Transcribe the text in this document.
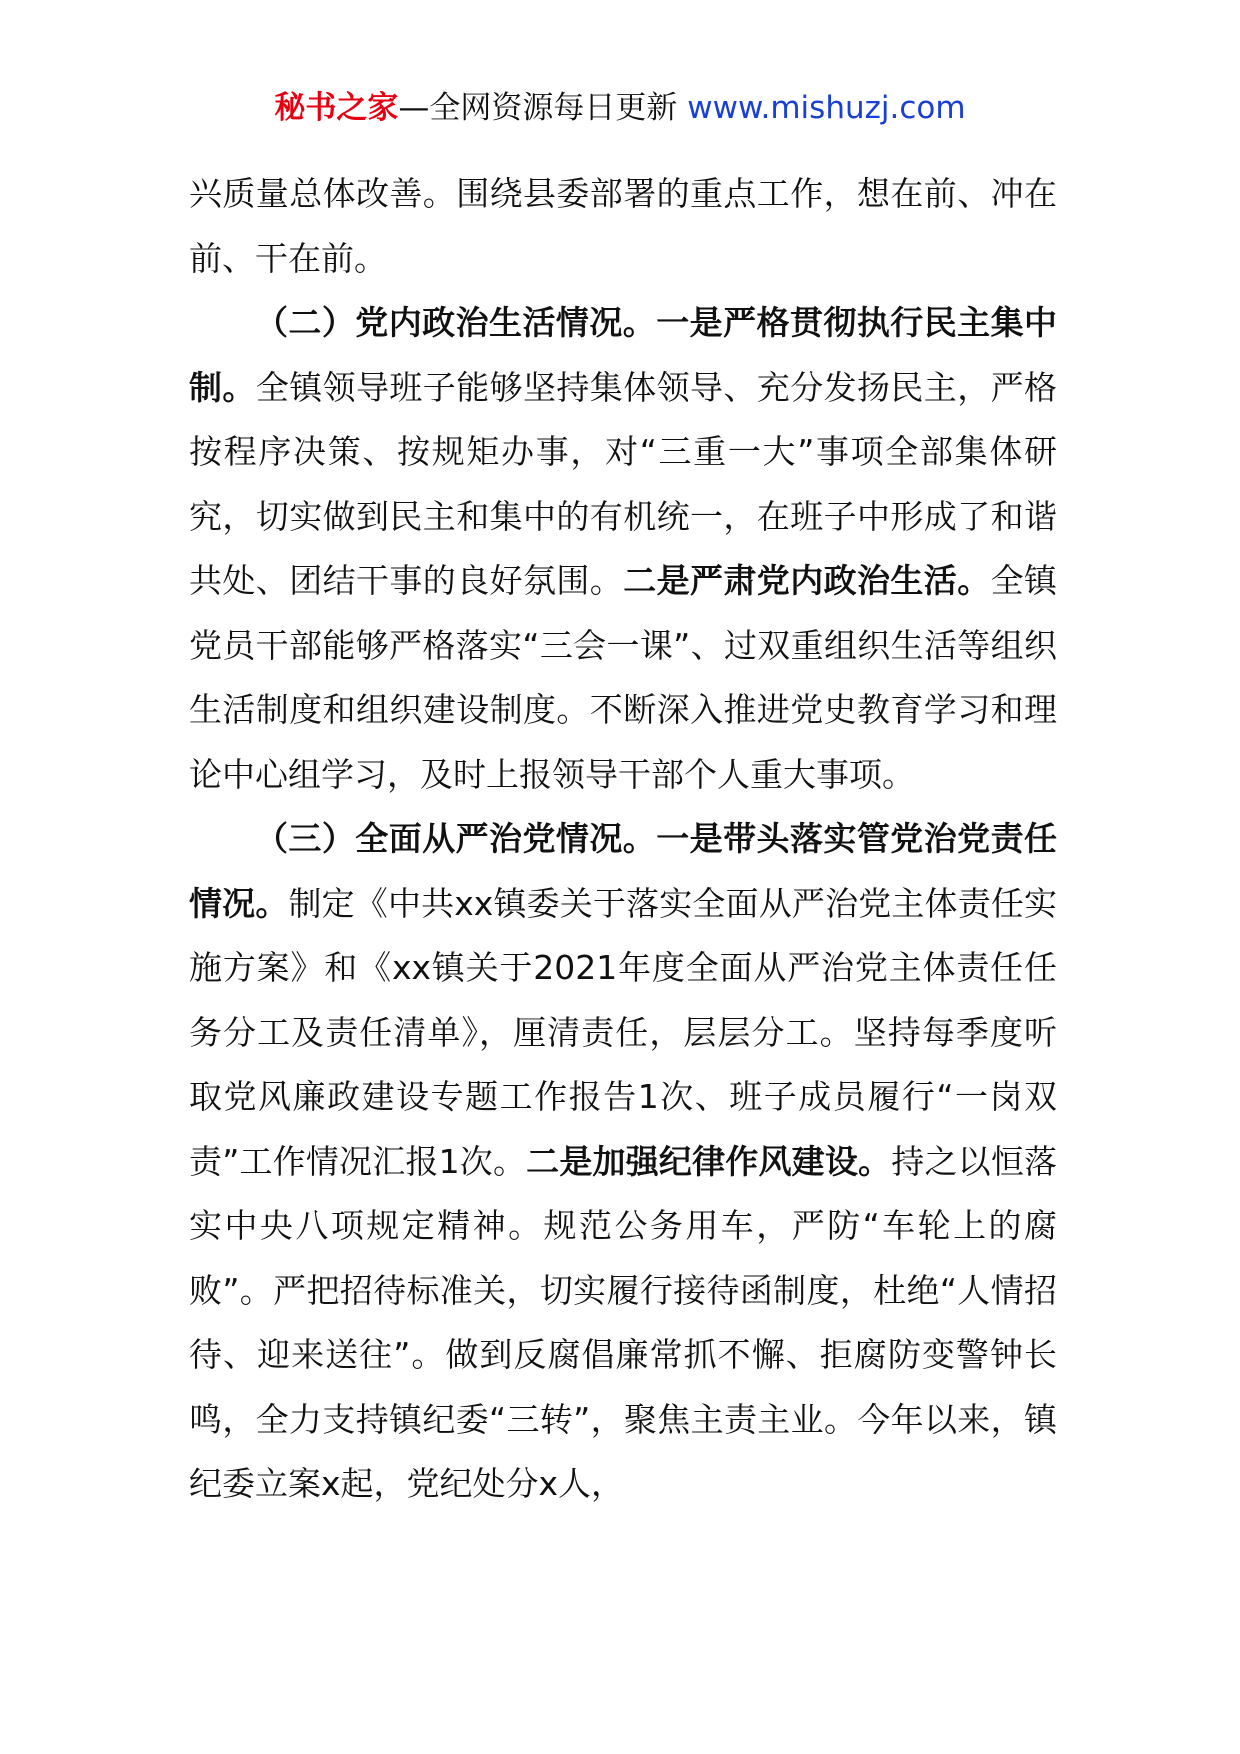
秘书之家—全网资源每日更新 www.mishuzj.com

兴质量总体改善。围绕县委部署的重点工作，想在前、冲在前、干在前。

（二）党内政治生活情况。一是严格贯彻执行民主集中制。全镇领导班子能够坚持集体领导、充分发扬民主，严格按程序决策、按规矩办事，对“三重一大”事项全部集体研究，切实做到民主和集中的有机统一，在班子中形成了和谐共处、团结干事的良好氛围。二是严肃党内政治生活。全镇党员干部能够严格落实“三会一课”、过双重组织生活等组织生活制度和组织建设制度。不断深入推进党史教育学习和理论中心组学习，及时上报领导干部个人重大事项。

（三）全面从严治党情况。一是带头落实管党治党责任情况。制定《中共xx镇委关于落实全面从严治党主体责任实施方案》和《xx镇关于2021年度全面从严治党主体责任任务分工及责任清单》，厘清责任，层层分工。坚持每季度听取党风廉政建设专题工作报告1次、班子成员履行“一岗双责”工作情况汇报1次。二是加强纪律作风建设。持之以恒落实中央八项规定精神。规范公务用车，严防“车轮上的腐败”。严把招待标准关，切实履行接待函制度，杜绝“人情招待、迎来送往”。做到反腐倡廉常抓不懈、拒腐防变警钟长鸣，全力支持镇纪委“三转”，聚焦主责主业。今年以来，镇纪委立案x起，党纪处分x人，
